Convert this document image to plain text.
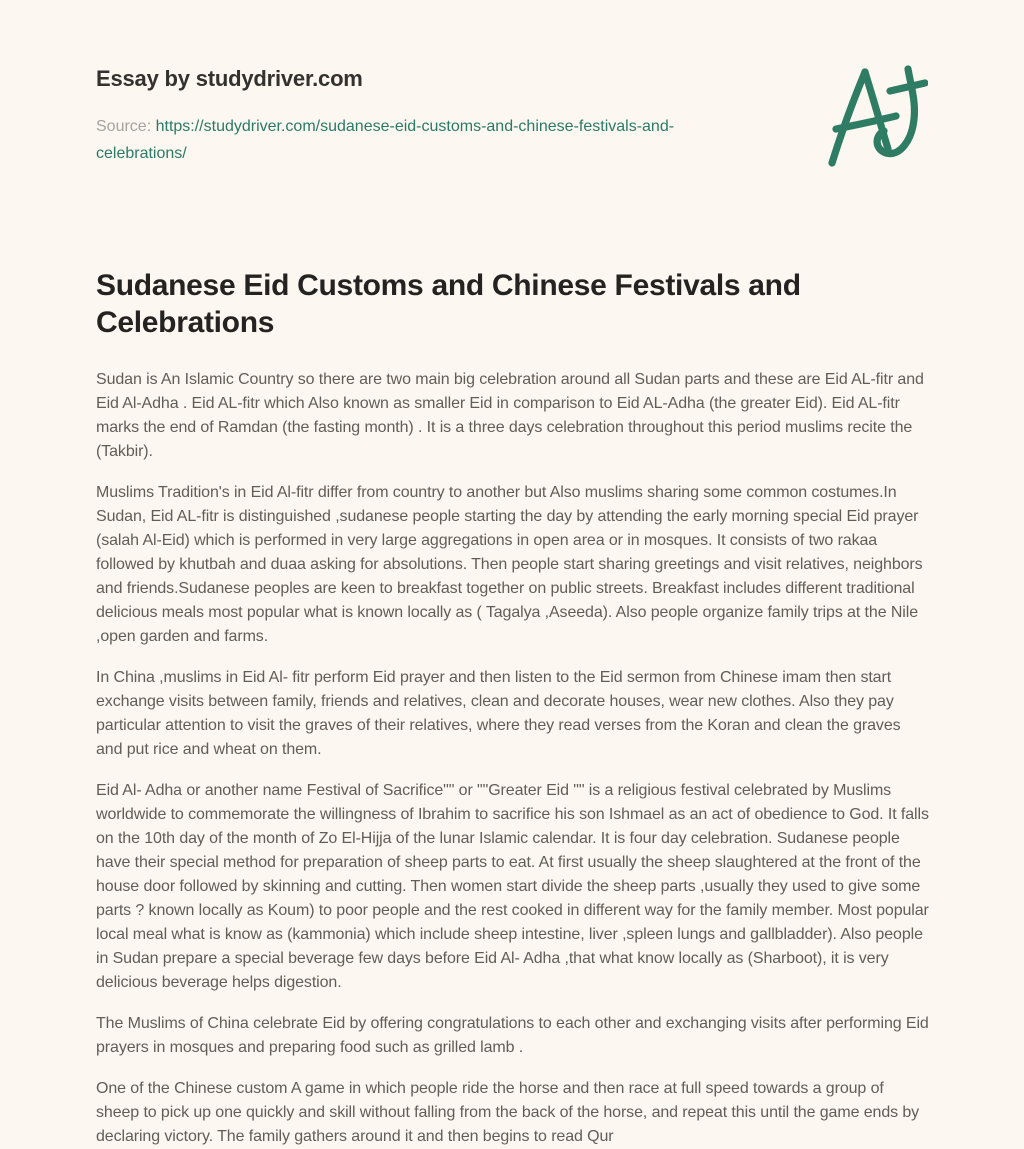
Essay by studydriver.com
Source: https://studydriver.com/sudanese-eid-customs-and-chinese-festivals-and-celebrations/
Sudanese Eid Customs and Chinese Festivals and Celebrations

Sudan is An Islamic Country so there are two main big celebration around all Sudan parts and these are Eid AL-fitr and Eid Al-Adha . Eid AL-fitr which Also known as smaller Eid in comparison to Eid AL-Adha (the greater Eid). Eid AL-fitr marks the end of Ramdan (the fasting month) . It is a three days celebration throughout this period muslims recite the (Takbir).

Muslims Tradition's in Eid Al-fitr differ from country to another but Also muslims sharing some common costumes.In Sudan, Eid AL-fitr is distinguished ,sudanese people starting the day by attending the early morning special Eid prayer (salah Al-Eid) which is performed in very large aggregations in open area or in mosques. It consists of two rakaa followed by khutbah and duaa asking for absolutions. Then people start sharing greetings and visit relatives, neighbors and friends.Sudanese peoples are keen to breakfast together on public streets. Breakfast includes different traditional delicious meals most popular what is known locally as ( Tagalya ,Aseeda). Also people organize family trips at the Nile ,open garden and farms.

In China ,muslims in Eid Al- fitr perform Eid prayer and then listen to the Eid sermon from Chinese imam then start exchange visits between family, friends and relatives, clean and decorate houses, wear new clothes. Also they pay particular attention to visit the graves of their relatives, where they read verses from the Koran and clean the graves and put rice and wheat on them.

Eid Al- Adha or another name Festival of Sacrifice"" or ""Greater Eid "" is a religious festival celebrated by Muslims worldwide to commemorate the willingness of Ibrahim to sacrifice his son Ishmael as an act of obedience to God. It falls on the 10th day of the month of Zo El-Hijja of the lunar Islamic calendar. It is four day celebration. Sudanese people have their special method for preparation of sheep parts to eat. At first usually the sheep slaughtered at the front of the house door followed by skinning and cutting. Then women start divide the sheep parts ,usually they used to give some parts ? known locally as Koum) to poor people and the rest cooked in different way for the family member. Most popular local meal what is know as (kammonia) which include sheep intestine, liver ,spleen lungs and gallbladder). Also people in Sudan prepare a special beverage few days before Eid Al- Adha ,that what know locally as (Sharboot), it is very delicious beverage helps digestion.

The Muslims of China celebrate Eid by offering congratulations to each other and exchanging visits after performing Eid prayers in mosques and preparing food such as grilled lamb .

One of the Chinese custom A game in which people ride the horse and then race at full speed towards a group of sheep to pick up one quickly and skill without falling from the back of the horse, and repeat this until the game ends by declaring victory. The family gathers around it and then begins to read Qur
